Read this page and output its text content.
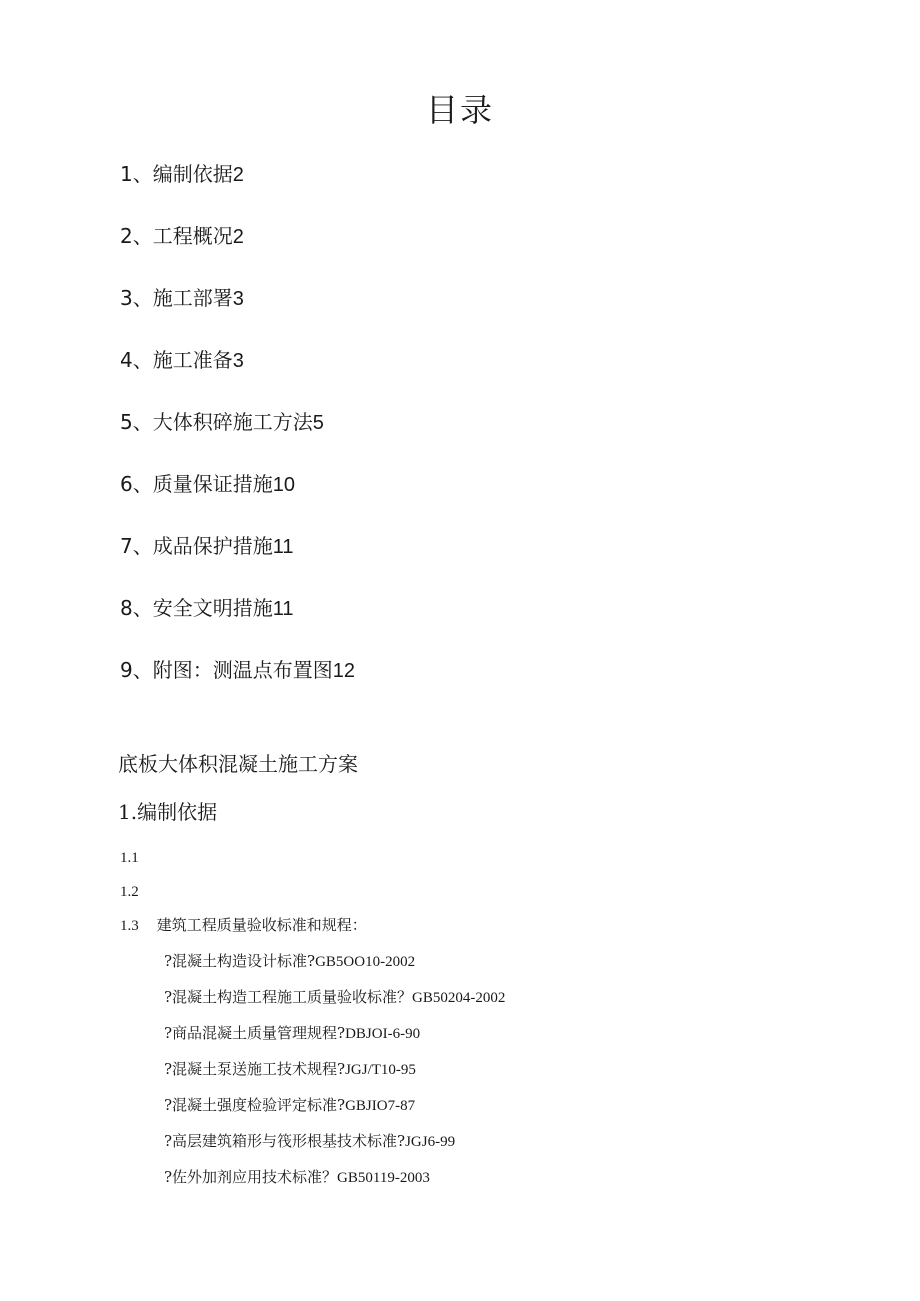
目录
1、编制依据2
2、工程概况2
3、施工部署3
4、施工准备3
5、大体积碎施工方法5
6、质量保证措施10
7、成品保护措施11
8、安全文明措施11
9、附图：测温点布置图12
底板大体积混凝土施工方案
1.编制依据
1.1
1.2
1.3 建筑工程质量验收标准和规程：
?混凝土构造设计标准?GB5OO10-2002
?混凝土构造工程施工质量验收标准？GB50204-2002
?商品混凝土质量管理规程?DBJOI-6-90
?混凝土泵送施工技术规程?JGJ/T10-95
?混凝土强度检验评定标准?GBJIO7-87
?高层建筑箱形与筏形根基技术标准?JGJ6-99
?佐外加剂应用技术标准？GB50119-2003
